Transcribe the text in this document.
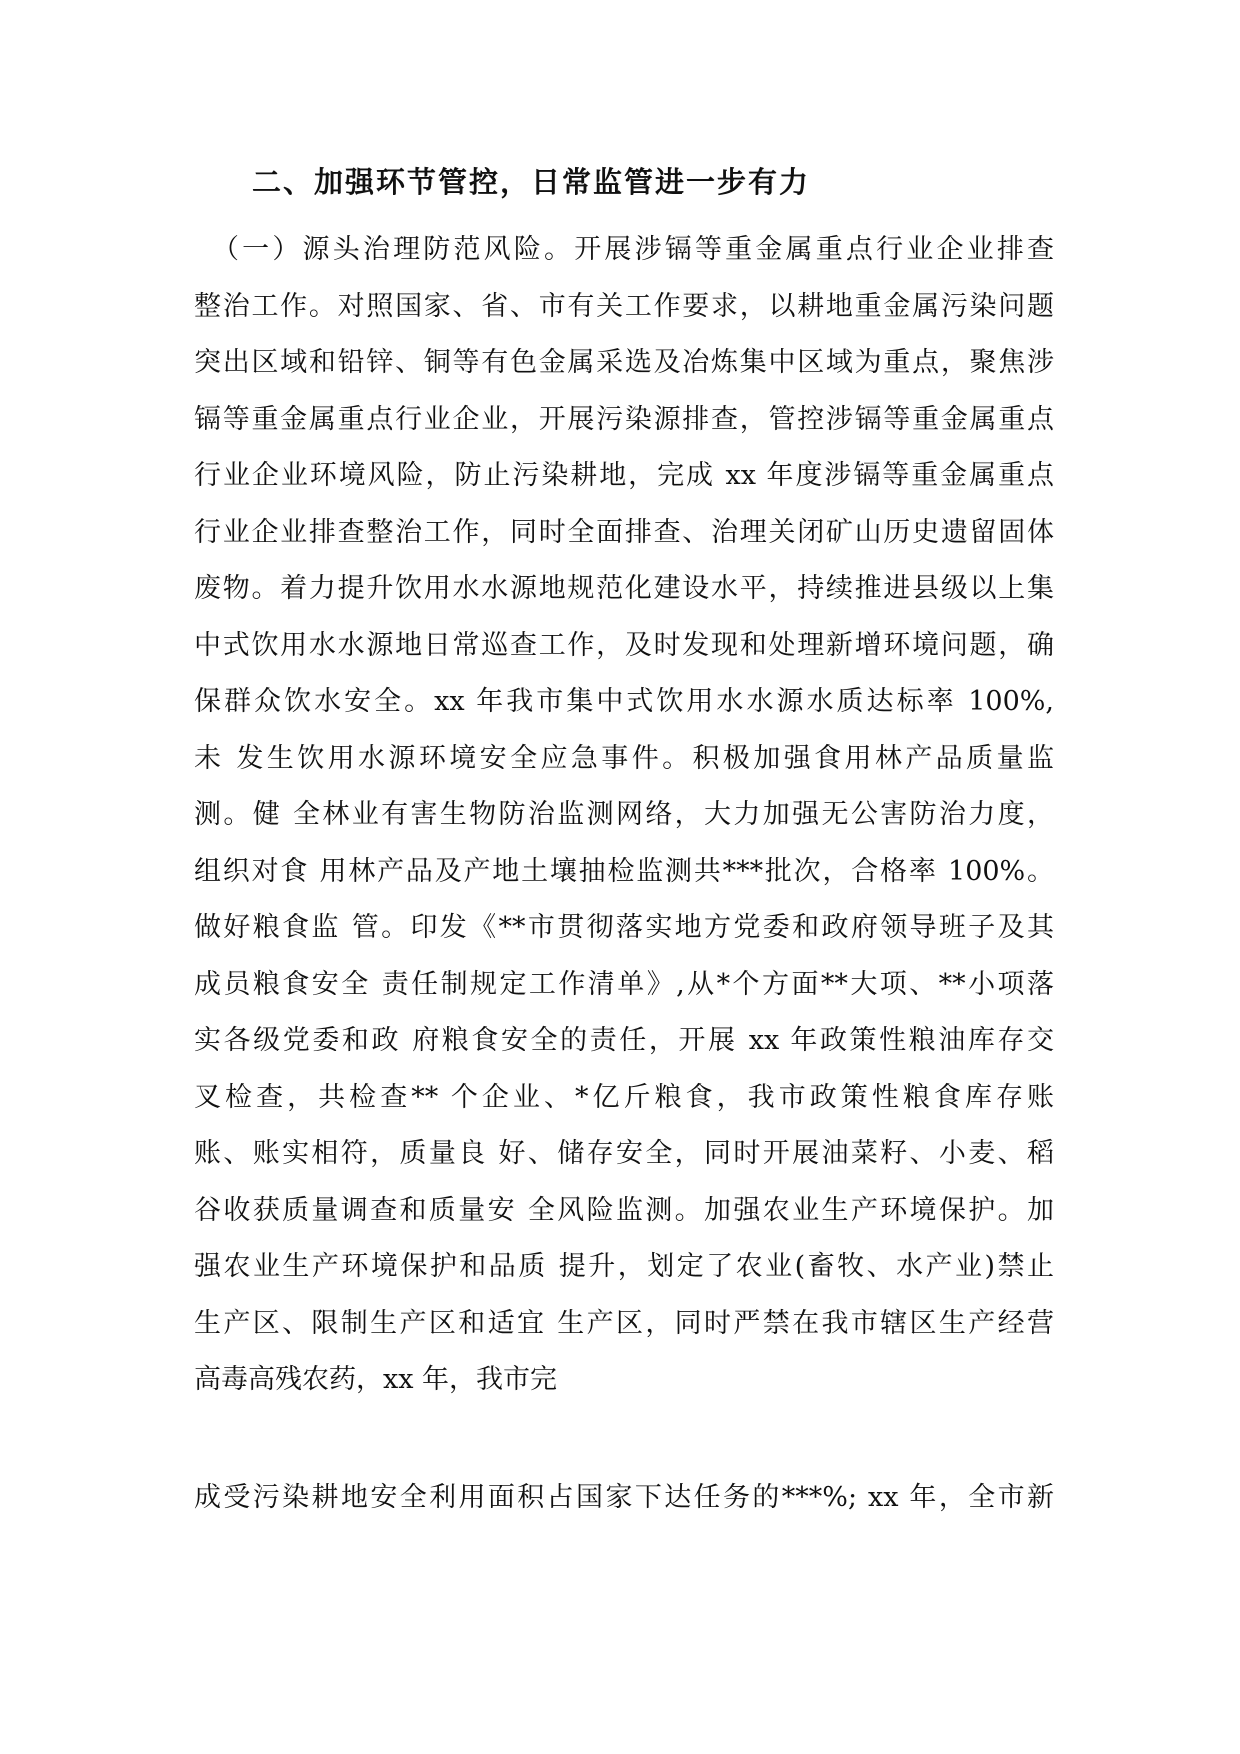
二、加强环节管控，日常监管进一步有力
（一）源头治理防范风险。开展涉镉等重金属重点行业企业排查
整治工作。对照国家、省、市有关工作要求，以耕地重金属污染问题
突出区域和铅锌、铜等有色金属采选及冶炼集中区域为重点，聚焦涉
镉等重金属重点行业企业，开展污染源排查，管控涉镉等重金属重点
行业企业环境风险，防止污染耕地，完成 xx 年度涉镉等重金属重点
行业企业排查整治工作，同时全面排查、治理关闭矿山历史遗留固体
废物。着力提升饮用水水源地规范化建设水平，持续推进县级以上集
中式饮用水水源地日常巡查工作，及时发现和处理新增环境问题，确
保群众饮水安全。xx 年我市集中式饮用水水源水质达标率 100%,
未 发生饮用水源环境安全应急事件。积极加强食用林产品质量监
测。健 全林业有害生物防治监测网络，大力加强无公害防治力度，
组织对食 用林产品及产地土壤抽检监测共***批次，合格率 100%。
做好粮食监 管。印发《**市贯彻落实地方党委和政府领导班子及其
成员粮食安全 责任制规定工作清单》,从*个方面**大项、**小项落
实各级党委和政 府粮食安全的责任，开展 xx 年政策性粮油库存交
叉检查，共检查** 个企业、*亿斤粮食，我市政策性粮食库存账
账、账实相符，质量良 好、储存安全，同时开展油菜籽、小麦、稻
谷收获质量调查和质量安 全风险监测。加强农业生产环境保护。加
强农业生产环境保护和品质 提升，划定了农业(畜牧、水产业)禁止
生产区、限制生产区和适宜 生产区，同时严禁在我市辖区生产经营
高毒高残农药，xx 年，我市完
成受污染耕地安全利用面积占国家下达任务的***%; xx 年，全市新
